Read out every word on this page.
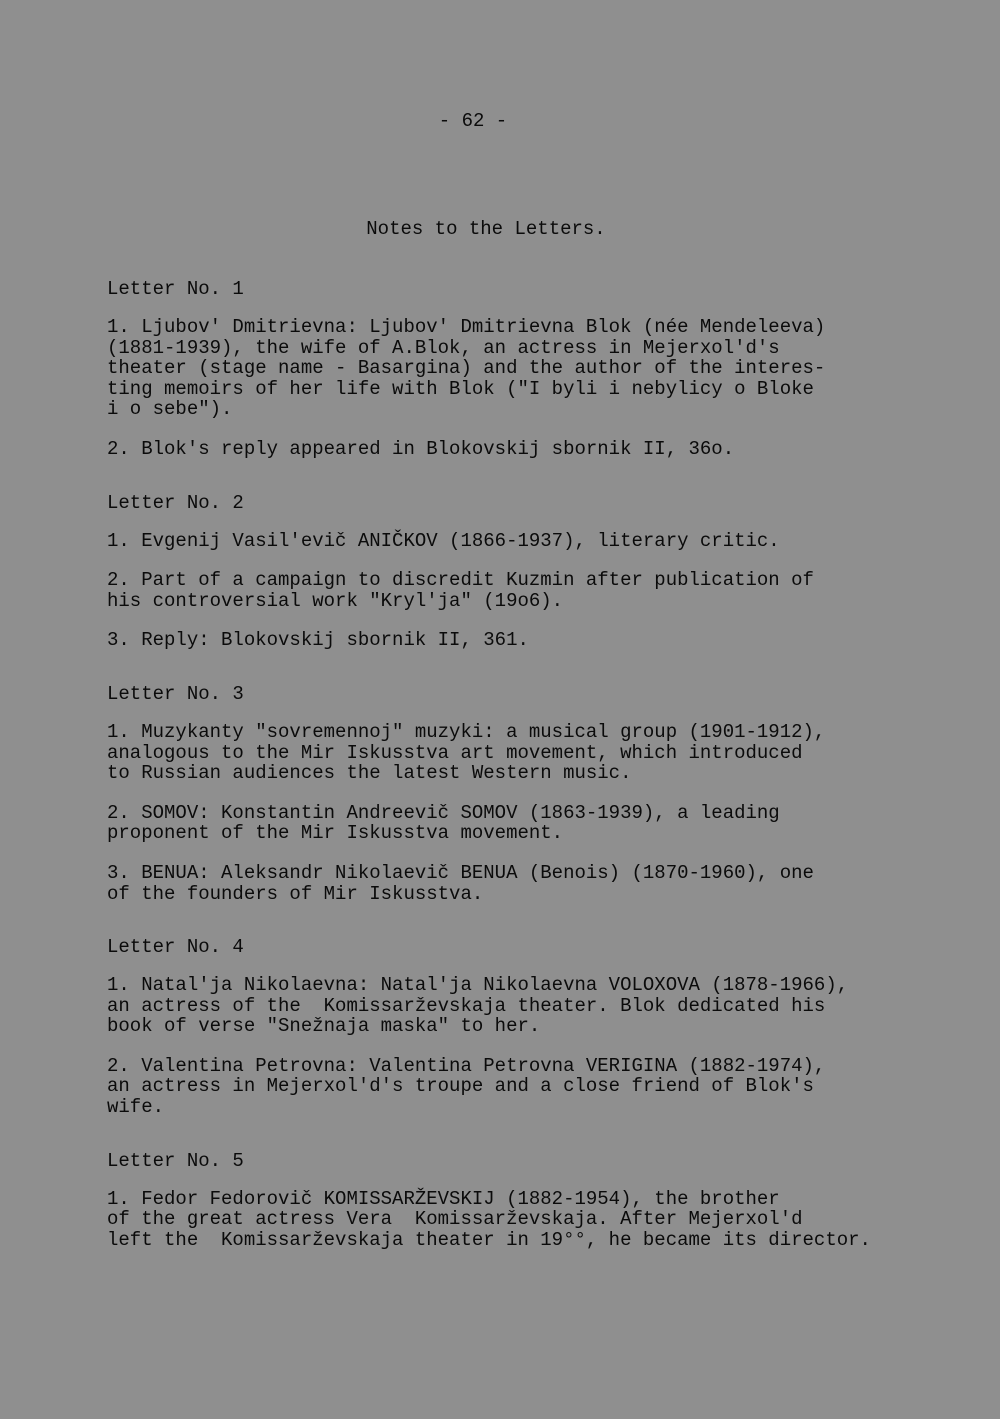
- 62 -
Notes to the Letters.
Letter No. 1
1. Ljubov' Dmitrievna: Ljubov' Dmitrievna Blok (née Mendeleeva)
(1881-1939), the wife of A.Blok, an actress in Mejerxol'd's
theater (stage name - Basargina) and the author of the interes-
ting memoirs of her life with Blok ("I byli i nebylicy o Bloke
i o sebe").
2. Blok's reply appeared in Blokovskij sbornik II, 36o.
Letter No. 2
1. Evgenij Vasil'evič ANIČKOV (1866-1937), literary critic.
2. Part of a campaign to discredit Kuzmin after publication of
his controversial work "Kryl'ja" (19o6).
3. Reply: Blokovskij sbornik II, 361.
Letter No. 3
1. Muzykanty "sovremennoj" muzyki: a musical group (1901-1912),
analogous to the Mir Iskusstva art movement, which introduced
to Russian audiences the latest Western music.
2. SOMOV: Konstantin Andreevič SOMOV (1863-1939), a leading
proponent of the Mir Iskusstva movement.
3. BENUA: Aleksandr Nikolaevič BENUA (Benois) (1870-1960), one
of the founders of Mir Iskusstva.
Letter No. 4
1. Natal'ja Nikolaevna: Natal'ja Nikolaevna VOLOXOVA (1878-1966),
an actress of the  Komissarževskaja theater. Blok dedicated his
book of verse "Snežnaja maska" to her.
2. Valentina Petrovna: Valentina Petrovna VERIGINA (1882-1974),
an actress in Mejerxol'd's troupe and a close friend of Blok's
wife.
Letter No. 5
1. Fedor Fedorovič KOMISSARŽEVSKIJ (1882-1954), the brother
of the great actress Vera  Komissarževskaja. After Mejerxol'd
left the  Komissarževskaja theater in 19°°, he became its director.
